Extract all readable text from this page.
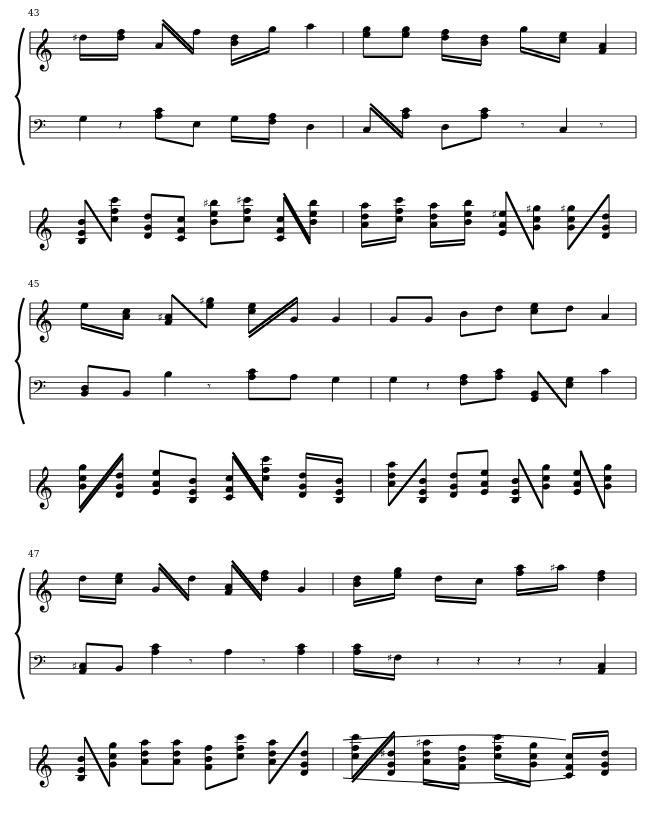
43
𝄞 ♯
𝄢	𝄽	𝄾	𝄾
𝄞
♯	♯
♯	♯	♯
45
𝄞	♯
♯
𝄢	𝄾	𝄽
𝄞
47
𝄞
♯
𝄢 ♯	𝄾	𝄾	♯	𝄽	𝄽	𝄽	𝄽
𝄞	♯
♯
